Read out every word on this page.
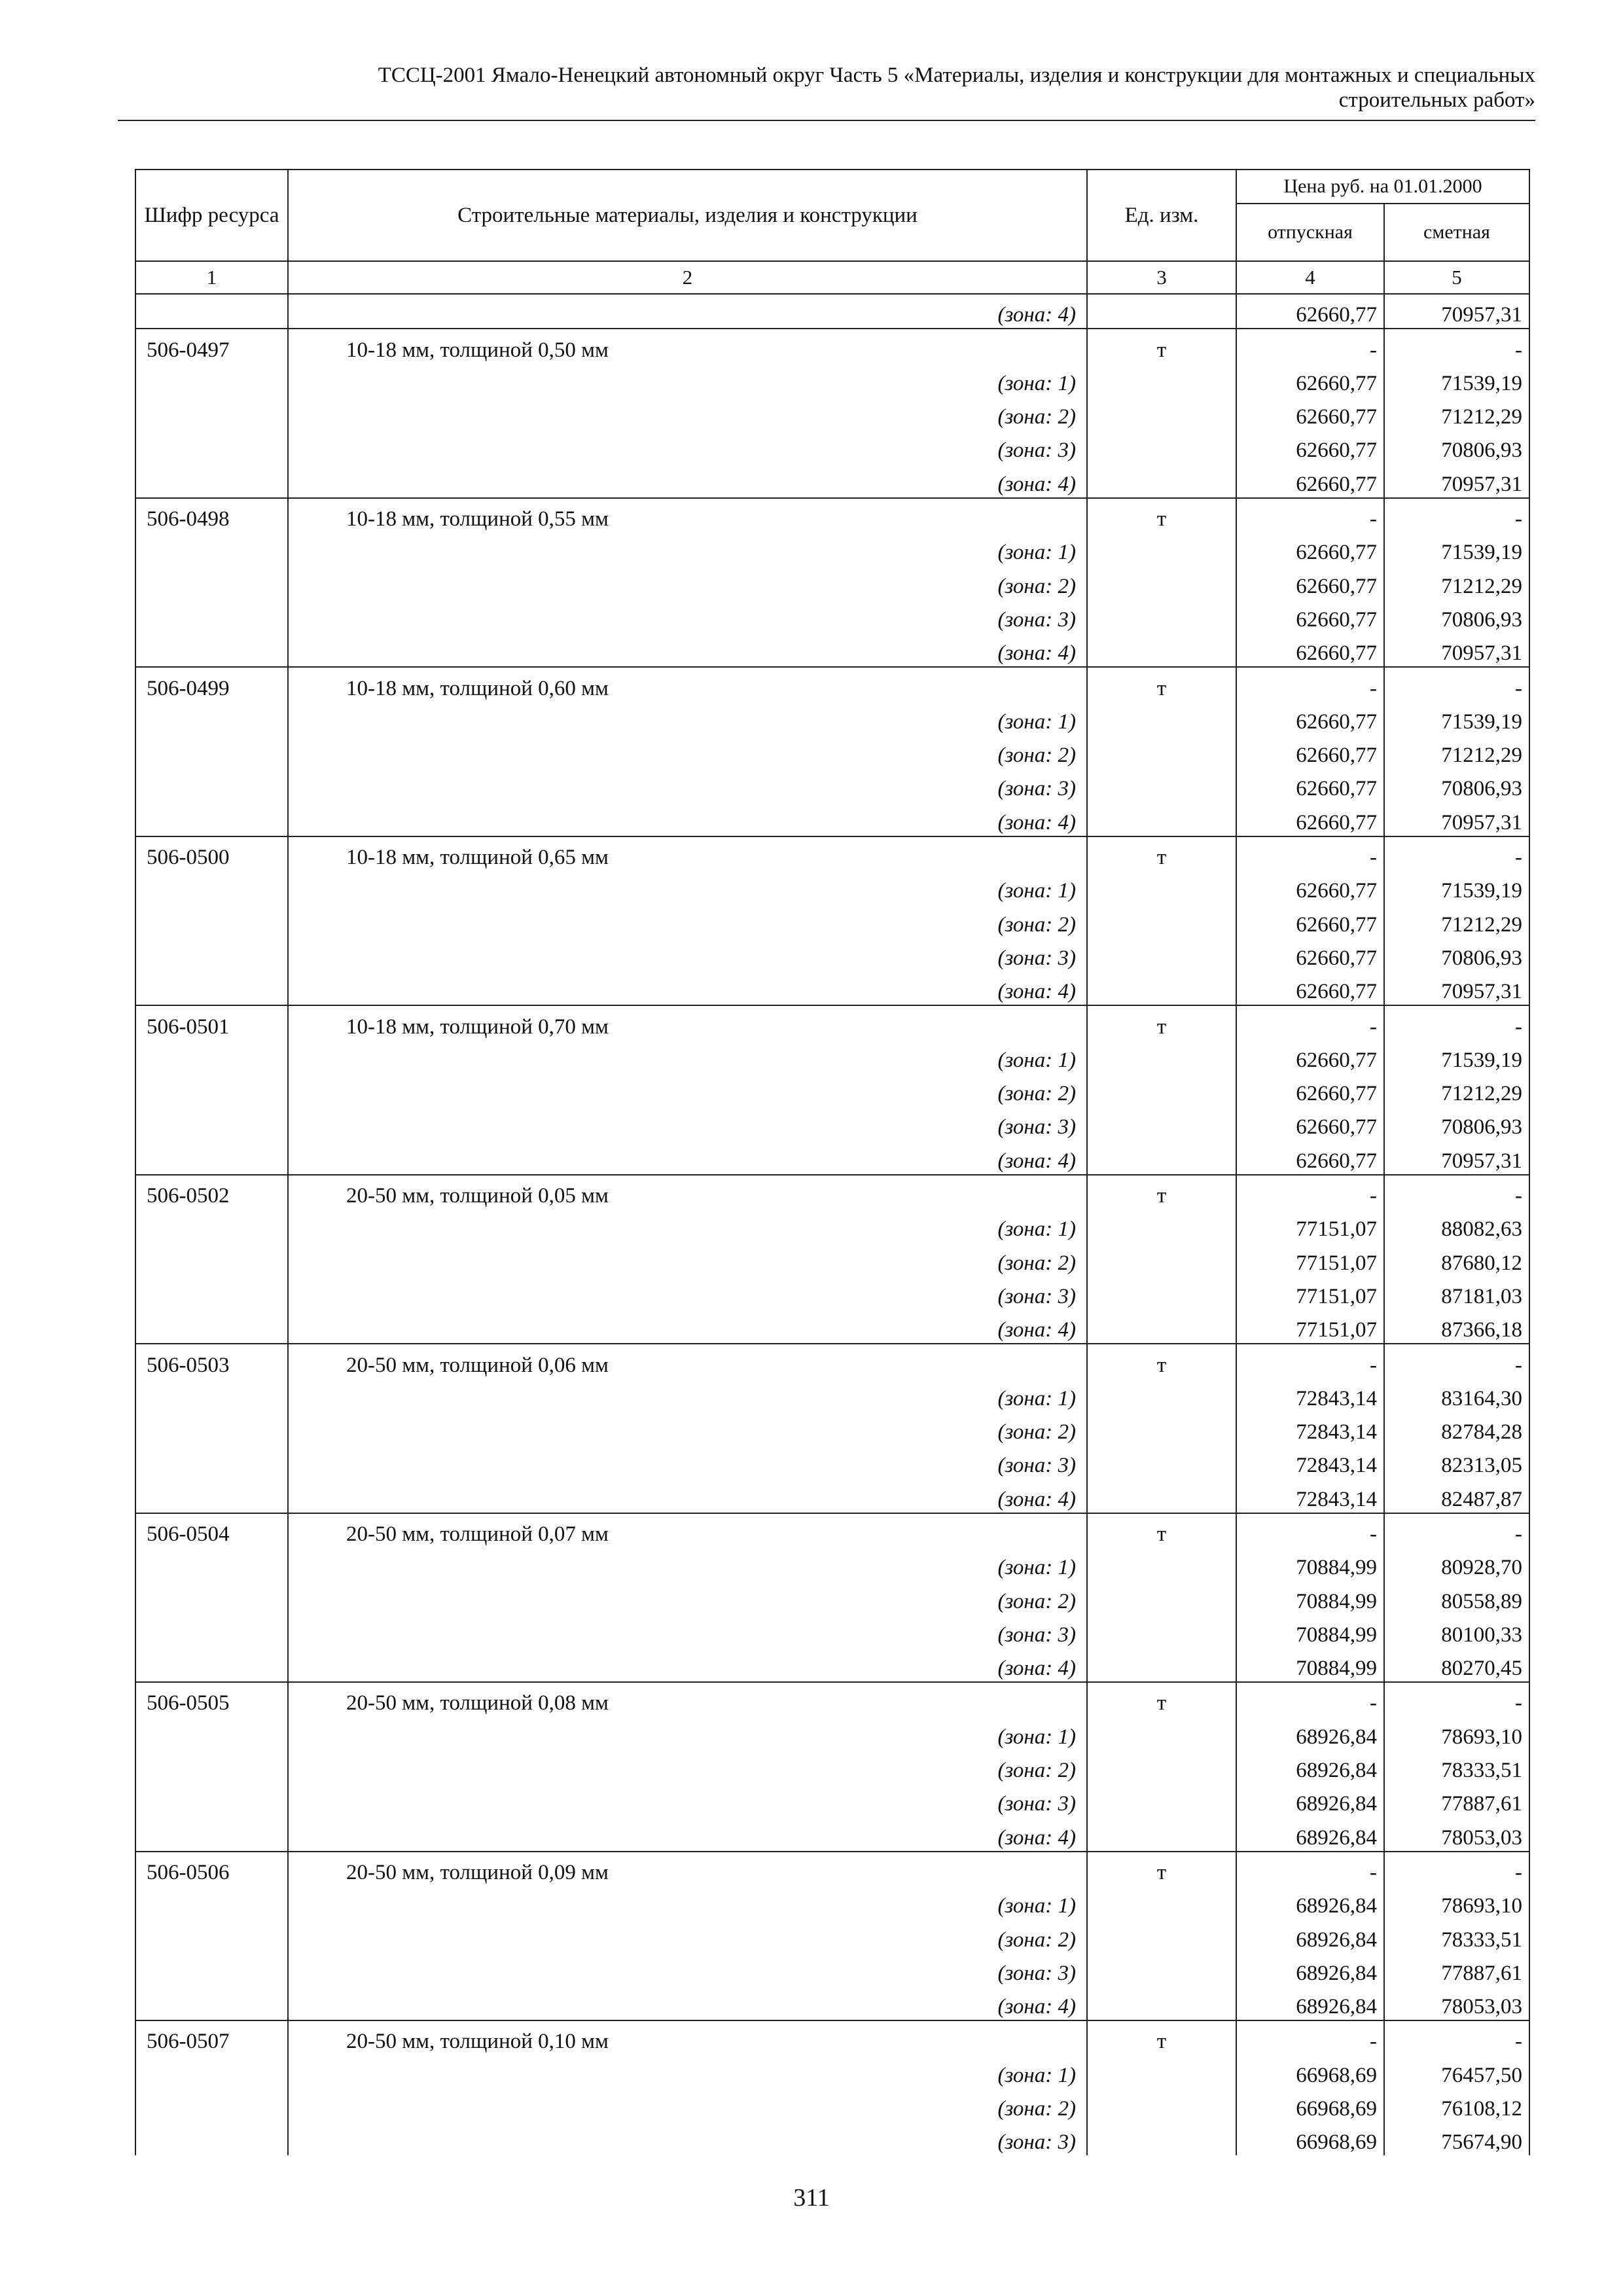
ТССЦ-2001 Ямало-Ненецкий автономный округ Часть 5 «Материалы, изделия и конструкции для монтажных и специальных
строительных работ»
Шифр ресурса	Строительные материалы, изделия и конструкции	Ед. изм.	Цена руб. на 01.01.2000	
			отпускная	сметная
1	2	3	4	5
	(зона: 4)		62660,77	70957,31
506-0497	10-18 мм, толщиной 0,50 мм	т	-	-
	(зона: 1)		62660,77	71539,19
	(зона: 2)		62660,77	71212,29
	(зона: 3)		62660,77	70806,93
	(зона: 4)		62660,77	70957,31
506-0498	10-18 мм, толщиной 0,55 мм	т	-	-
	(зона: 1)		62660,77	71539,19
	(зона: 2)		62660,77	71212,29
	(зона: 3)		62660,77	70806,93
	(зона: 4)		62660,77	70957,31
506-0499	10-18 мм, толщиной 0,60 мм	т	-	-
	(зона: 1)		62660,77	71539,19
	(зона: 2)		62660,77	71212,29
	(зона: 3)		62660,77	70806,93
	(зона: 4)		62660,77	70957,31
506-0500	10-18 мм, толщиной 0,65 мм	т	-	-
	(зона: 1)		62660,77	71539,19
	(зона: 2)		62660,77	71212,29
	(зона: 3)		62660,77	70806,93
	(зона: 4)		62660,77	70957,31
506-0501	10-18 мм, толщиной 0,70 мм	т	-	-
	(зона: 1)		62660,77	71539,19
	(зона: 2)		62660,77	71212,29
	(зона: 3)		62660,77	70806,93
	(зона: 4)		62660,77	70957,31
506-0502	20-50 мм, толщиной 0,05 мм	т	-	-
	(зона: 1)		77151,07	88082,63
	(зона: 2)		77151,07	87680,12
	(зона: 3)		77151,07	87181,03
	(зона: 4)		77151,07	87366,18
506-0503	20-50 мм, толщиной 0,06 мм	т	-	-
	(зона: 1)		72843,14	83164,30
	(зона: 2)		72843,14	82784,28
	(зона: 3)		72843,14	82313,05
	(зона: 4)		72843,14	82487,87
506-0504	20-50 мм, толщиной 0,07 мм	т	-	-
	(зона: 1)		70884,99	80928,70
	(зона: 2)		70884,99	80558,89
	(зона: 3)		70884,99	80100,33
	(зона: 4)		70884,99	80270,45
506-0505	20-50 мм, толщиной 0,08 мм	т	-	-
	(зона: 1)		68926,84	78693,10
	(зона: 2)		68926,84	78333,51
	(зона: 3)		68926,84	77887,61
	(зона: 4)		68926,84	78053,03
506-0506	20-50 мм, толщиной 0,09 мм	т	-	-
	(зона: 1)		68926,84	78693,10
	(зона: 2)		68926,84	78333,51
	(зона: 3)		68926,84	77887,61
	(зона: 4)		68926,84	78053,03
506-0507	20-50 мм, толщиной 0,10 мм	т	-	-
	(зона: 1)		66968,69	76457,50
	(зона: 2)		66968,69	76108,12
	(зона: 3)		66968,69	75674,90
311
